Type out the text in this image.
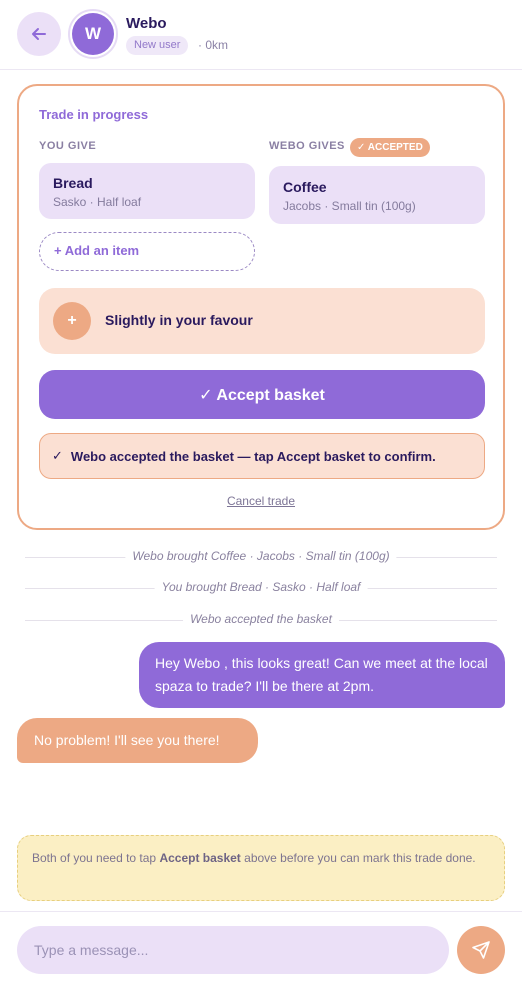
W
Webo
New user	· 0km
Trade in progress
YOU GIVE	WEBO GIVES	✓ ACCEPTED
Bread
Sasko · Half loaf
+ Add an item
Coffee
Jacobs · Small tin (100g)
+	Slightly in your favour
✓ Accept basket
✓ Webo accepted the basket — tap Accept basket to confirm.
Cancel trade
Webo brought Coffee · Jacobs · Small tin (100g)
You brought Bread · Sasko · Half loaf
Webo accepted the basket
Hey Webo , this looks great! Can we meet at the local spaza to trade? I'll be there at 2pm.
No problem! I'll see you there!
Both of you need to tap Accept basket above before you can mark this trade done.
Type a message...
